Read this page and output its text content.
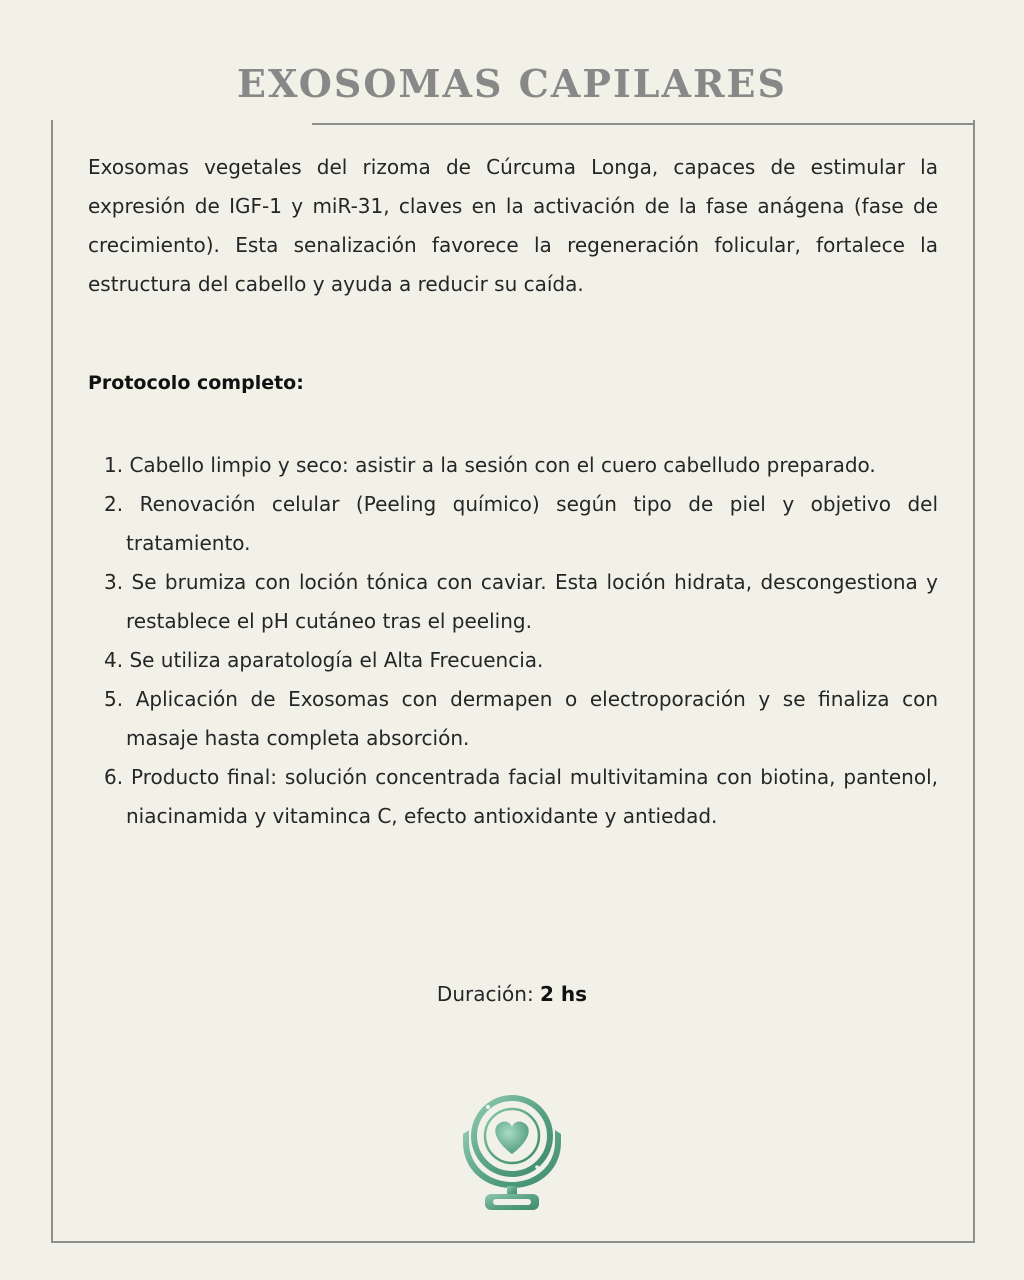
EXOSOMAS CAPILARES

Exosomas vegetales del rizoma de Cúrcuma Longa, capaces de estimular la expresión de IGF-1 y miR-31, claves en la activación de la fase anágena (fase de crecimiento). Esta senalización favorece la regeneración folicular, fortalece la estructura del cabello y ayuda a reducir su caída.

Protocolo completo:
1. Cabello limpio y seco: asistir a la sesión con el cuero cabelludo preparado.
2. Renovación celular (Peeling químico) según tipo de piel y objetivo del tratamiento.
3. Se brumiza con loción tónica con caviar. Esta loción hidrata, descongestiona y restablece el pH cutáneo tras el peeling.
4. Se utiliza aparatología el Alta Frecuencia.
5. Aplicación de Exosomas con dermapen o electroporación y se finaliza con masaje hasta completa absorción.
6. Producto final: solución concentrada facial multivitamina con biotina, pantenol, niacinamida y vitaminca C, efecto antioxidante y antiedad.
Duración: 2 hs
